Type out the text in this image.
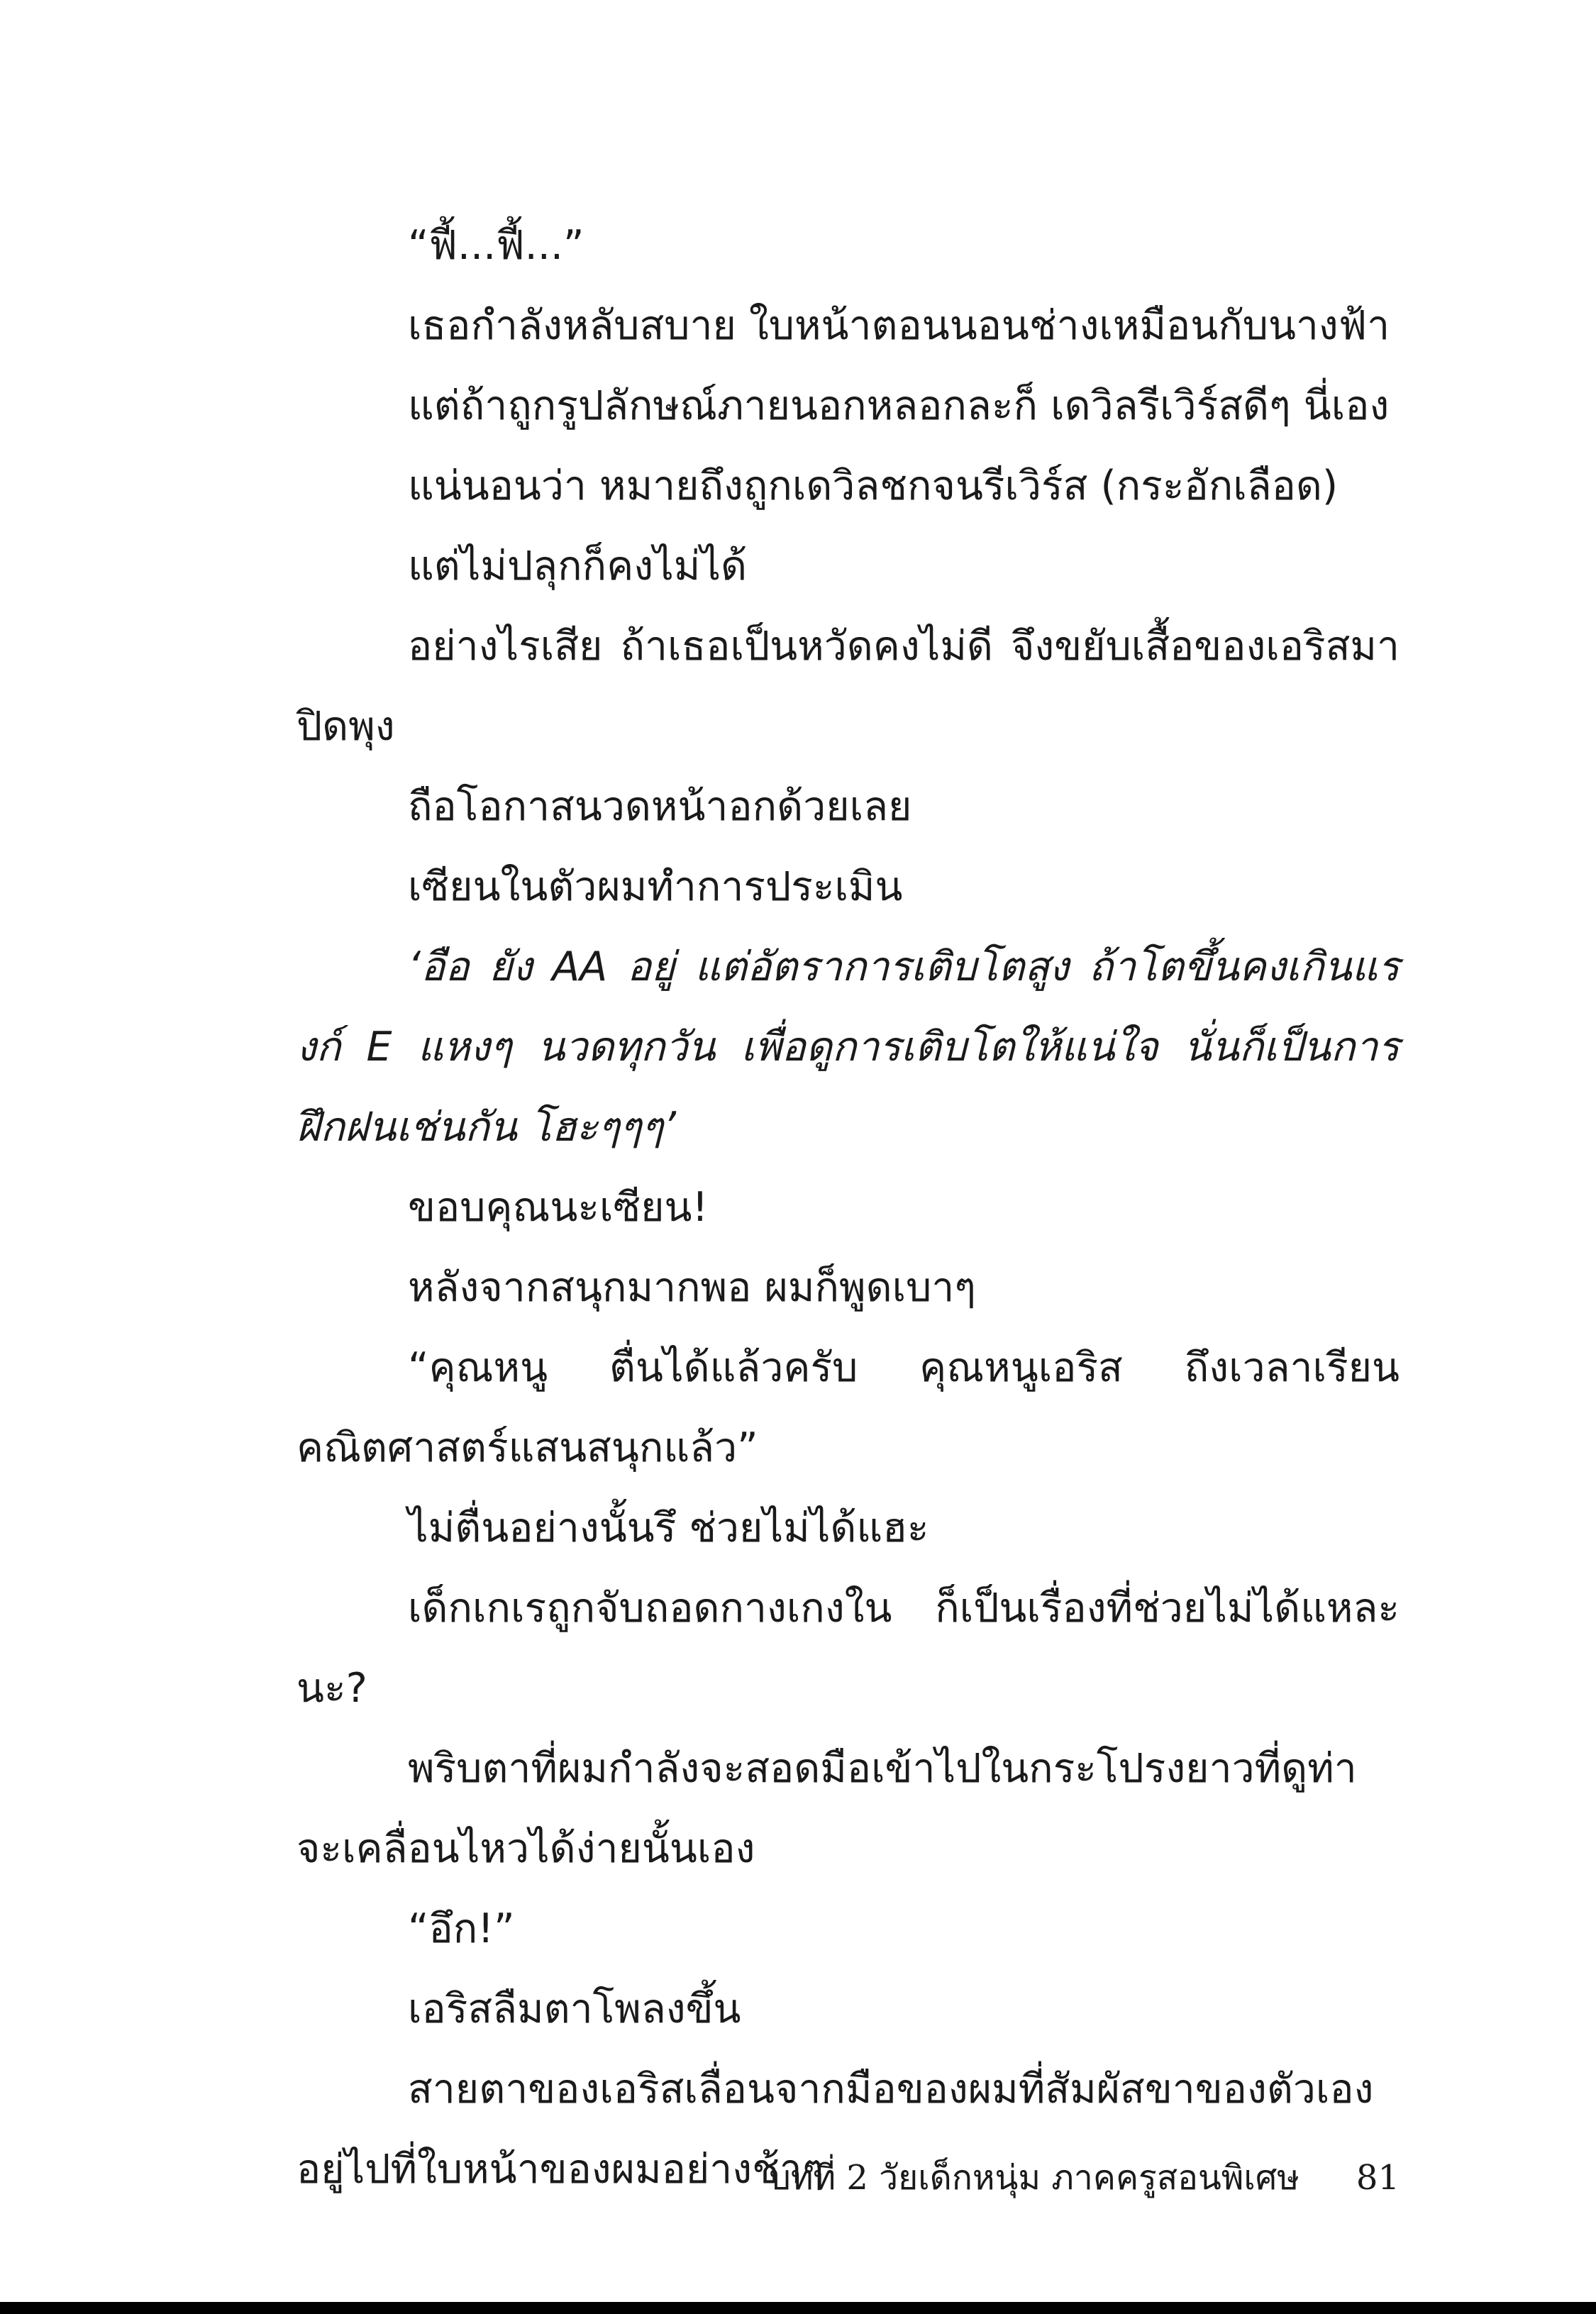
“ฟี้...ฟี้...”

เธอกำลังหลับสบาย ใบหน้าตอนนอนช่างเหมือนกับนางฟ้า

แต่ถ้าถูกรูปลักษณ์ภายนอกหลอกละก็ เดวิลรีเวิร์สดีๆ นี่เอง

แน่นอนว่า หมายถึงถูกเดวิลชกจนรีเวิร์ส (กระอักเลือด)

แต่ไม่ปลุกก็คงไม่ได้

อย่างไรเสีย ถ้าเธอเป็นหวัดคงไม่ดี จึงขยับเสื้อของเอริสมาปิดพุง

ถือโอกาสนวดหน้าอกด้วยเลย

เซียนในตัวผมทำการประเมิน

‘อือ ยัง AA อยู่ แต่อัตราการเติบโตสูง ถ้าโตขึ้นคงเกินแรงก์ E แหงๆ นวดทุกวัน เพื่อดูการเติบโตให้แน่ใจ นั่นก็เป็นการฝึกฝนเช่นกัน โฮะๆๆๆ’

ขอบคุณนะเซียน!

หลังจากสนุกมากพอ ผมก็พูดเบาๆ

“คุณหนู ตื่นได้แล้วครับ คุณหนูเอริส ถึงเวลาเรียนคณิตศาสตร์แสนสนุกแล้ว”

ไม่ตื่นอย่างนั้นรึ ช่วยไม่ได้แฮะ

เด็กเกเรถูกจับถอดกางเกงใน ก็เป็นเรื่องที่ช่วยไม่ได้แหละนะ?

พริบตาที่ผมกำลังจะสอดมือเข้าไปในกระโปรงยาวที่ดูท่าจะเคลื่อนไหวได้ง่ายนั้นเอง

“อึก!”

เอริสลืมตาโพลงขึ้น

สายตาของเอริสเลื่อนจากมือของผมที่สัมผัสขาของตัวเองอยู่ไปที่ใบหน้าของผมอย่างช้าๆ

บทที่ 2 วัยเด็กหนุ่ม ภาคครูสอนพิเศษ 81
